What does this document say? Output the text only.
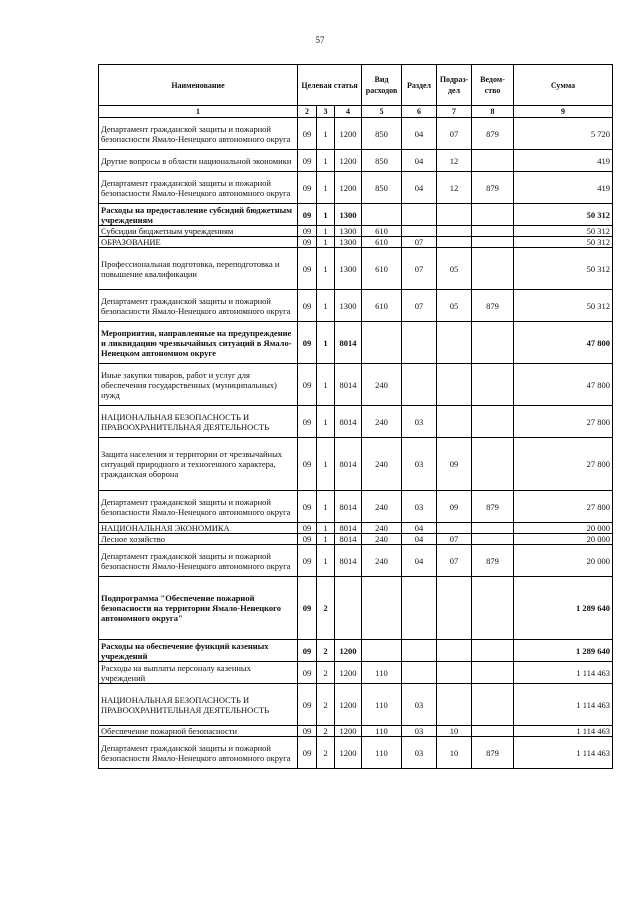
57
Наименование	Целевая статья			Вид расходов	Раздел	Подраз-дел	Ведом-ство	Сумма
1	2	3	4	5	6	7	8	9
Департамент гражданской защиты и пожарной безопасности Ямало-Ненецкого автономного округа	09	1	1200	850	04	07	879	5 720
Другие вопросы в области национальной экономики	09	1	1200	850	04	12		419
Департамент гражданской защиты и пожарной безопасности Ямало-Ненецкого автономного округа	09	1	1200	850	04	12	879	419
Расходы на предоставление субсидий бюджетным учреждениям	09	1	1300					50 312
Субсидии бюджетным учреждениям	09	1	1300	610				50 312
ОБРАЗОВАНИЕ	09	1	1300	610	07			50 312
Профессиональная подготовка, переподготовка и повышение квалификации	09	1	1300	610	07	05		50 312
Департамент гражданской защиты и пожарной безопасности Ямало-Ненецкого автономного округа	09	1	1300	610	07	05	879	50 312
Мероприятия, направленные на предупреждение и ликвидацию чрезвычайных ситуаций в Ямало-Ненецком автономном округе	09	1	8014					47 800
Иные закупки товаров, работ и услуг для обеспечения государственных (муниципальных) нужд	09	1	8014	240				47 800
НАЦИОНАЛЬНАЯ БЕЗОПАСНОСТЬ И ПРАВООХРАНИТЕЛЬНАЯ ДЕЯТЕЛЬНОСТЬ	09	1	8014	240	03			27 800
Защита населения и территории от чрезвычайных ситуаций природного и техногенного характера, гражданская оборона	09	1	8014	240	03	09		27 800
Департамент гражданской защиты и пожарной безопасности Ямало-Ненецкого автономного округа	09	1	8014	240	03	09	879	27 800
НАЦИОНАЛЬНАЯ ЭКОНОМИКА	09	1	8014	240	04			20 000
Лесное хозяйство	09	1	8014	240	04	07		20 000
Департамент гражданской защиты и пожарной безопасности Ямало-Ненецкого автономного округа	09	1	8014	240	04	07	879	20 000
Подпрограмма "Обеспечение пожарной безопасности на территории Ямало-Ненецкого автономного округа"	09	2						1 289 640
Расходы на обеспечение функций казенных учреждений	09	2	1200					1 289 640
Расходы на выплаты персоналу казенных учреждений	09	2	1200	110				1 114 463
НАЦИОНАЛЬНАЯ БЕЗОПАСНОСТЬ И ПРАВООХРАНИТЕЛЬНАЯ ДЕЯТЕЛЬНОСТЬ	09	2	1200	110	03			1 114 463
Обеспечение пожарной безопасности	09	2	1200	110	03	10		1 114 463
Департамент гражданской защиты и пожарной безопасности Ямало-Ненецкого автономного округа	09	2	1200	110	03	10	879	1 114 463
